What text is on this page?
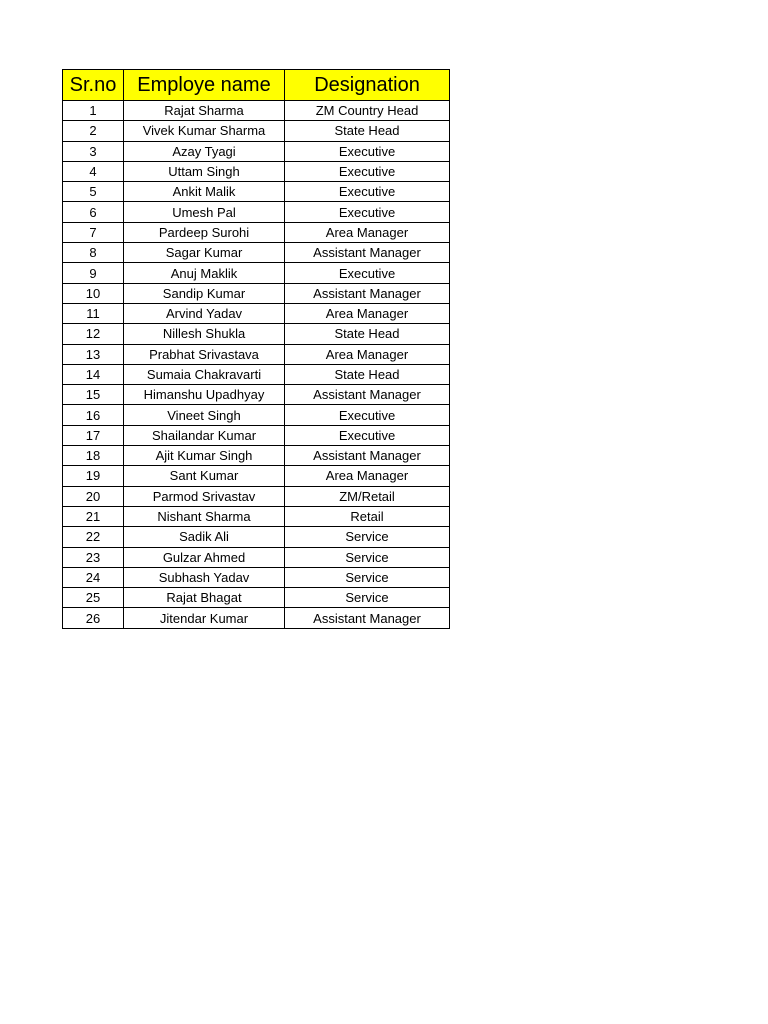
Sr.no	Employe name	Designation
1	Rajat Sharma	ZM Country Head
2	Vivek Kumar Sharma	State Head
3	Azay Tyagi	Executive
4	Uttam Singh	Executive
5	Ankit Malik	Executive
6	Umesh Pal	Executive
7	Pardeep Surohi	Area Manager
8	Sagar Kumar	Assistant Manager
9	Anuj Maklik	Executive
10	Sandip Kumar	Assistant Manager
11	Arvind Yadav	Area Manager
12	Nillesh Shukla	State Head
13	Prabhat Srivastava	Area Manager
14	Sumaia Chakravarti	State Head
15	Himanshu Upadhyay	Assistant Manager
16	Vineet Singh	Executive
17	Shailandar Kumar	Executive
18	Ajit Kumar Singh	Assistant Manager
19	Sant Kumar	Area Manager
20	Parmod Srivastav	ZM/Retail
21	Nishant Sharma	Retail
22	Sadik Ali	Service
23	Gulzar Ahmed	Service
24	Subhash Yadav	Service
25	Rajat Bhagat	Service
26	Jitendar Kumar	Assistant Manager
